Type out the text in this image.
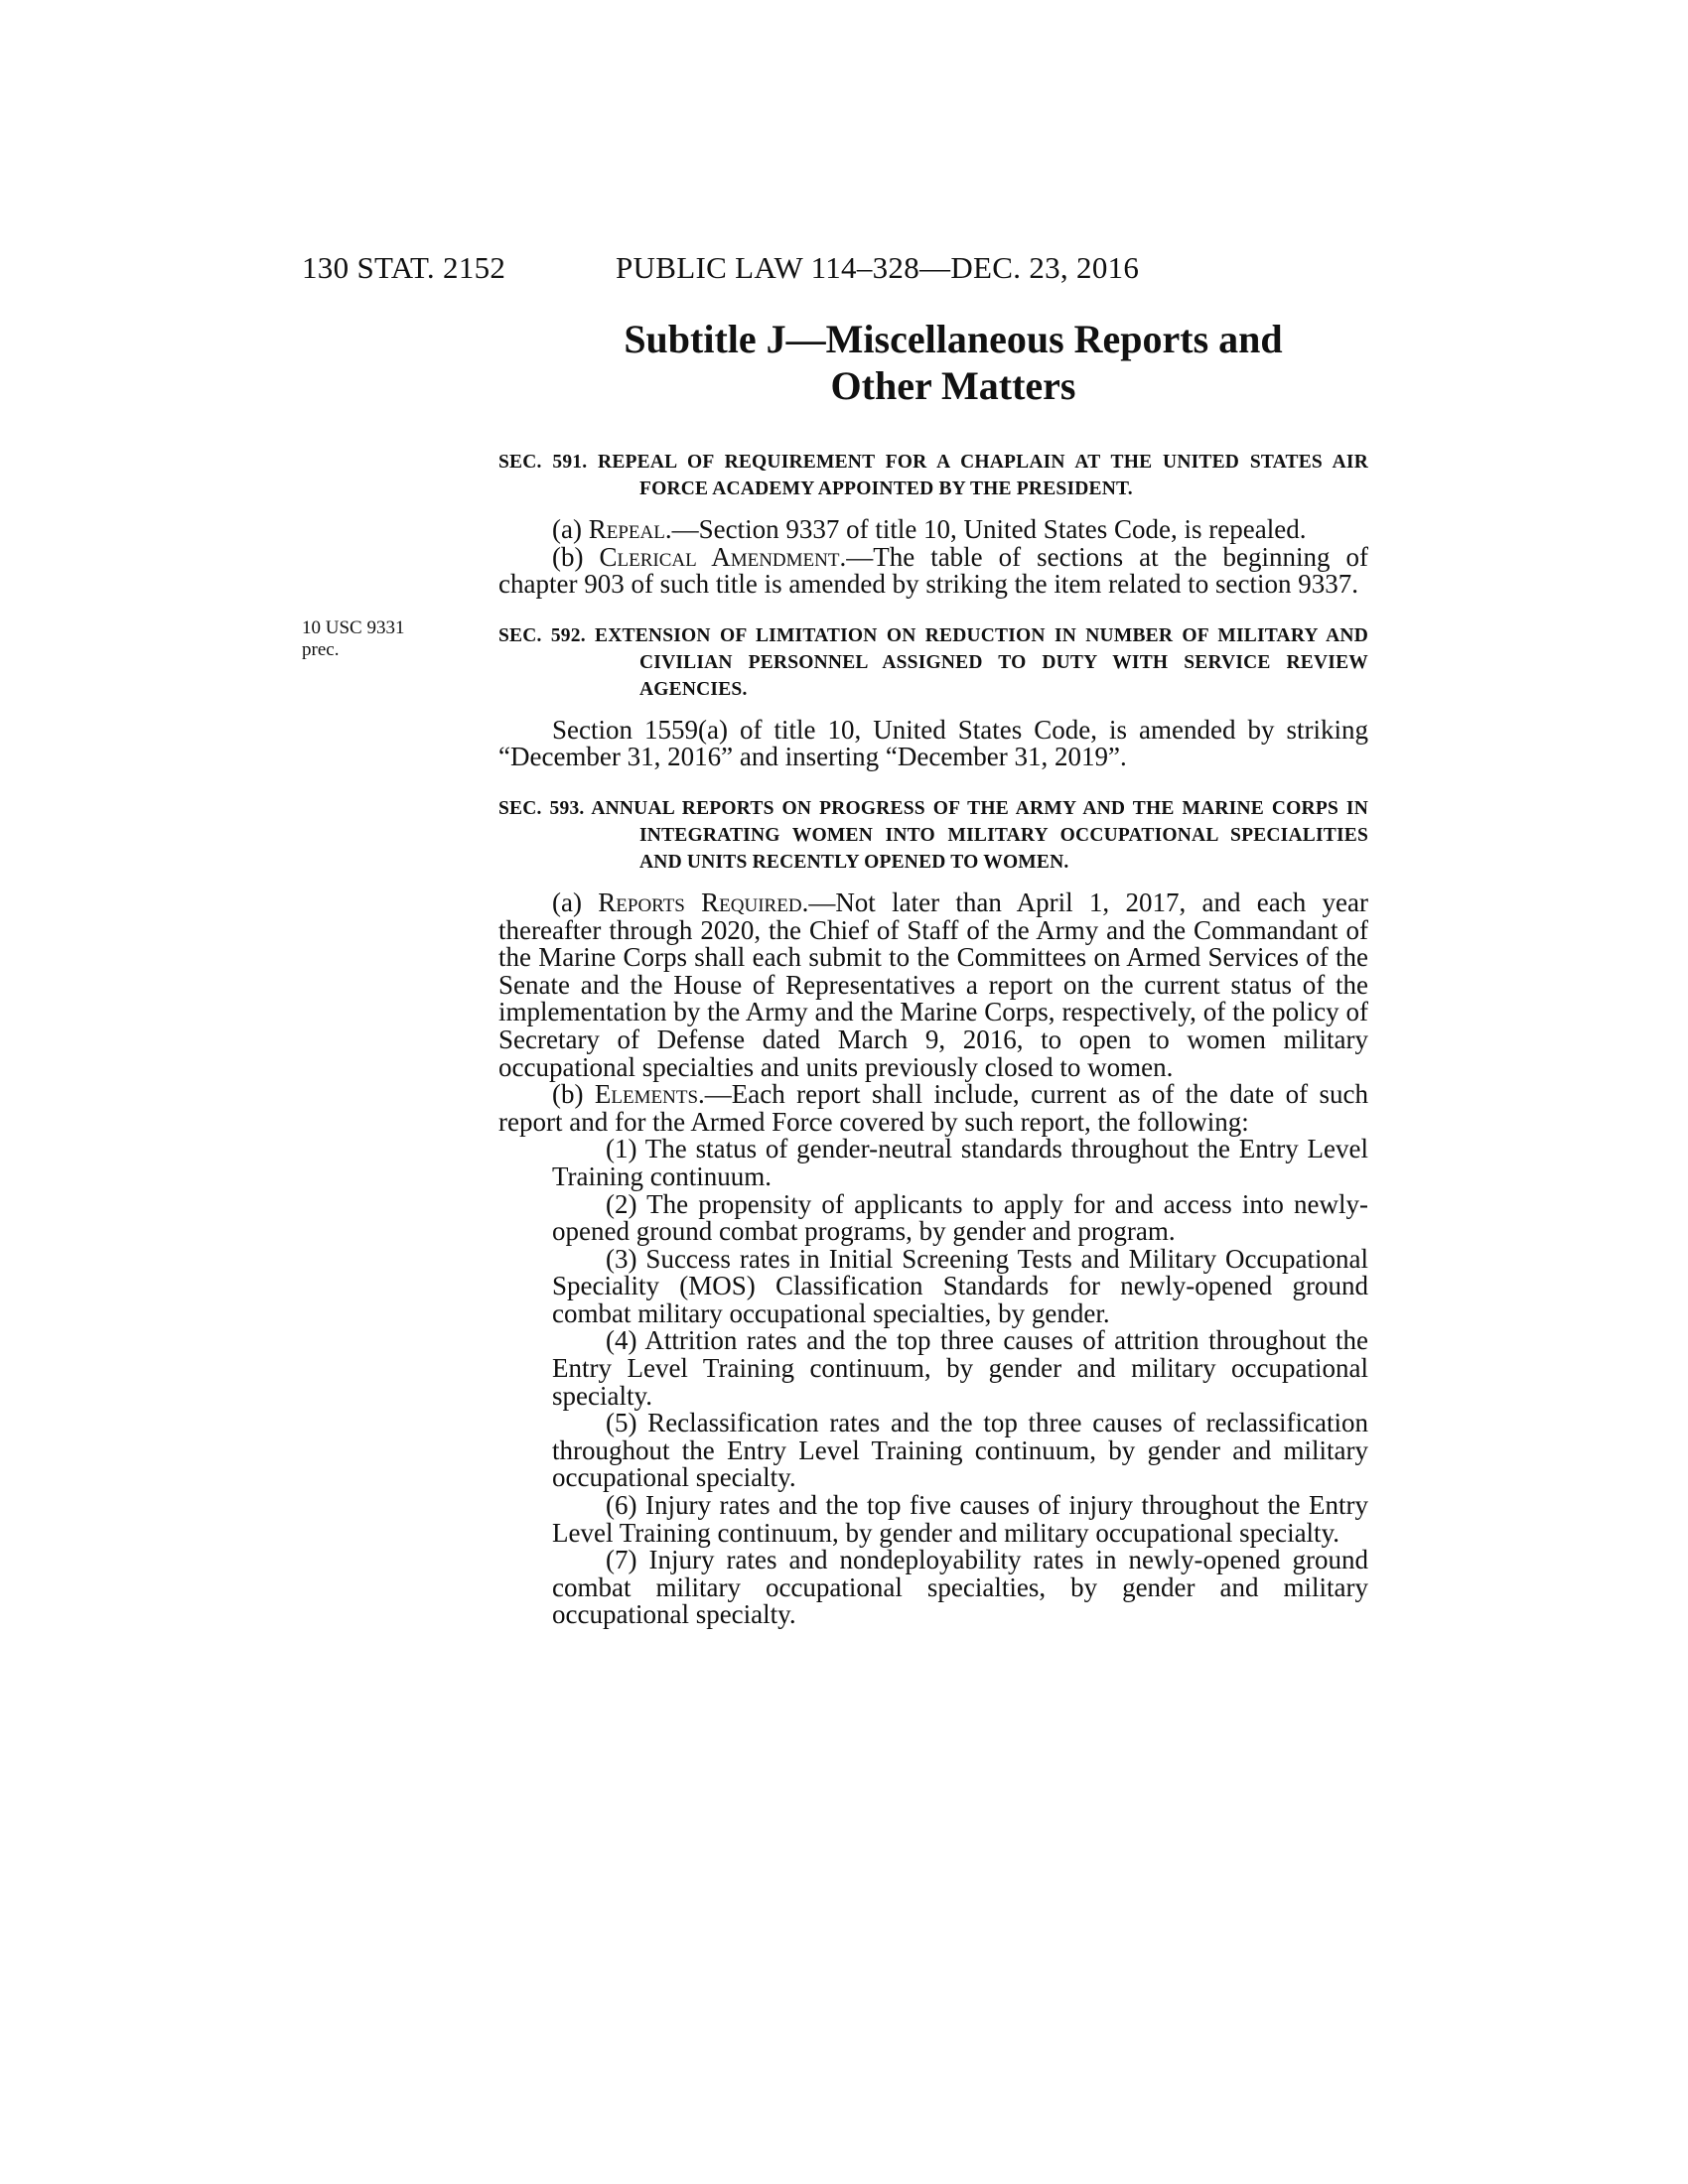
130 STAT. 2152	PUBLIC LAW 114–328—DEC. 23, 2016
10 USC 9331
prec.
Subtitle J—Miscellaneous Reports and
Other Matters

SEC. 591. REPEAL OF REQUIREMENT FOR A CHAPLAIN AT THE UNITED STATES AIR FORCE ACADEMY APPOINTED BY THE PRESIDENT.

(a) Repeal.—Section 9337 of title 10, United States Code, is repealed.

(b) Clerical Amendment.—The table of sections at the beginning of chapter 903 of such title is amended by striking the item related to section 9337.

SEC. 592. EXTENSION OF LIMITATION ON REDUCTION IN NUMBER OF MILITARY AND CIVILIAN PERSONNEL ASSIGNED TO DUTY WITH SERVICE REVIEW AGENCIES.

Section 1559(a) of title 10, United States Code, is amended by striking “December 31, 2016” and inserting “December 31, 2019”.

SEC. 593. ANNUAL REPORTS ON PROGRESS OF THE ARMY AND THE MARINE CORPS IN INTEGRATING WOMEN INTO MILITARY OCCUPATIONAL SPECIALITIES AND UNITS RECENTLY OPENED TO WOMEN.

(a) Reports Required.—Not later than April 1, 2017, and each year thereafter through 2020, the Chief of Staff of the Army and the Commandant of the Marine Corps shall each submit to the Committees on Armed Services of the Senate and the House of Representatives a report on the current status of the implementation by the Army and the Marine Corps, respectively, of the policy of Secretary of Defense dated March 9, 2016, to open to women military occupational specialties and units previously closed to women.

(b) Elements.—Each report shall include, current as of the date of such report and for the Armed Force covered by such report, the following:

(1) The status of gender-neutral standards throughout the Entry Level Training continuum.

(2) The propensity of applicants to apply for and access into newly-opened ground combat programs, by gender and program.

(3) Success rates in Initial Screening Tests and Military Occupational Speciality (MOS) Classification Standards for newly-opened ground combat military occupational specialties, by gender.

(4) Attrition rates and the top three causes of attrition throughout the Entry Level Training continuum, by gender and military occupational specialty.

(5) Reclassification rates and the top three causes of reclassification throughout the Entry Level Training continuum, by gender and military occupational specialty.

(6) Injury rates and the top five causes of injury throughout the Entry Level Training continuum, by gender and military occupational specialty.

(7) Injury rates and nondeployability rates in newly-opened ground combat military occupational specialties, by gender and military occupational specialty.
